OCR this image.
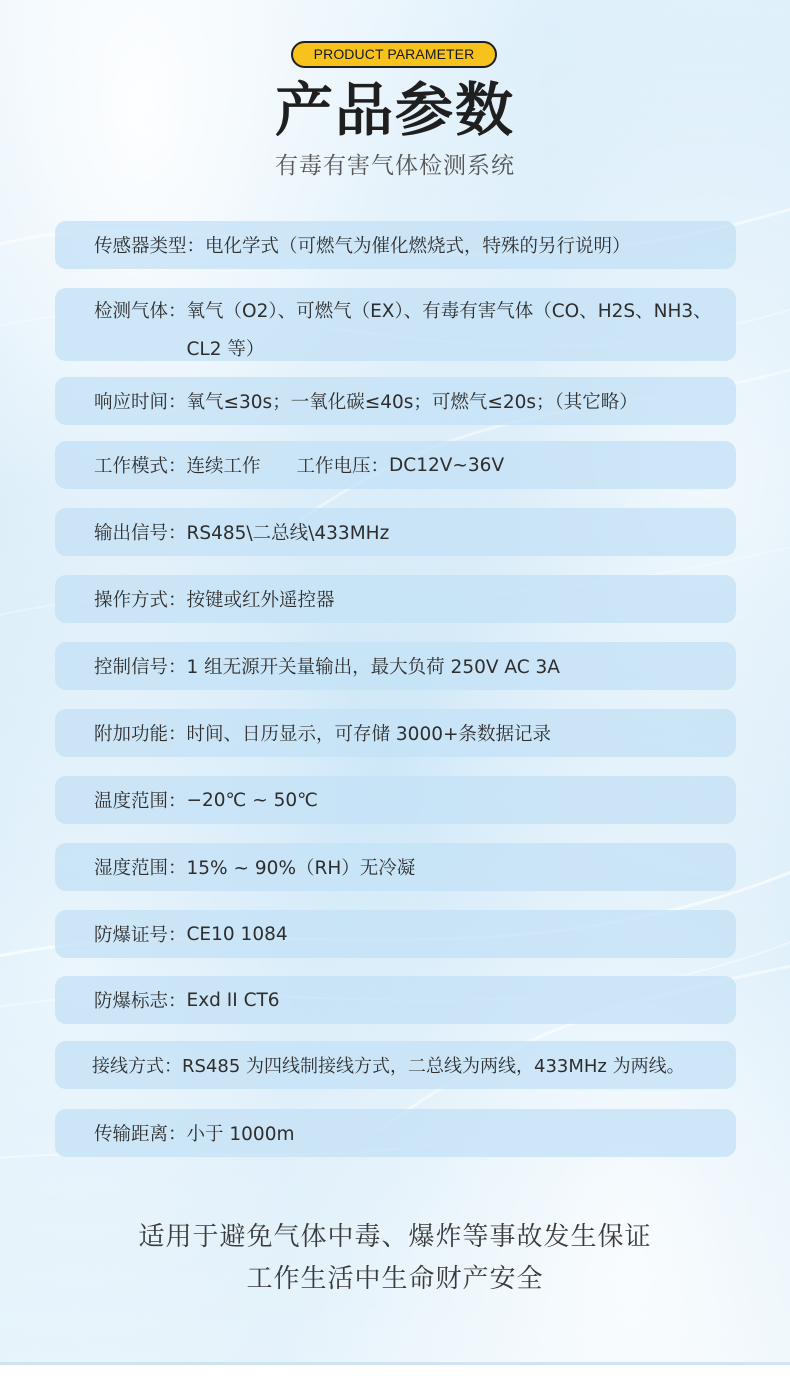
PRODUCT PARAMETER
产品参数
有毒有害气体检测系统
传感器类型： 电化学式（可燃气为催化燃烧式，特殊的另行说明）
检测气体： 氧气（O2）、可燃气（EX）、有毒有害气体（CO、H2S、NH3、CL2 等）
响应时间： 氧气≤30s；一氧化碳≤40s；可燃气≤20s；（其它略）
工作模式： 连续工作 工作电压： DC12V~36V
输出信号： RS485\二总线\433MHz
操作方式： 按键或红外遥控器
控制信号： 1 组无源开关量输出，最大负荷 250V AC 3A
附加功能： 时间、日历显示，可存储 3000+条数据记录
温度范围： −20℃ ~ 50℃
湿度范围： 15% ~ 90%（RH）无冷凝
防爆证号： CE10 1084
防爆标志： Exd II CT6
接线方式： RS485 为四线制接线方式，二总线为两线，433MHz 为两线。
传输距离： 小于 1000m
适用于避免气体中毒、爆炸等事故发生保证
工作生活中生命财产安全
